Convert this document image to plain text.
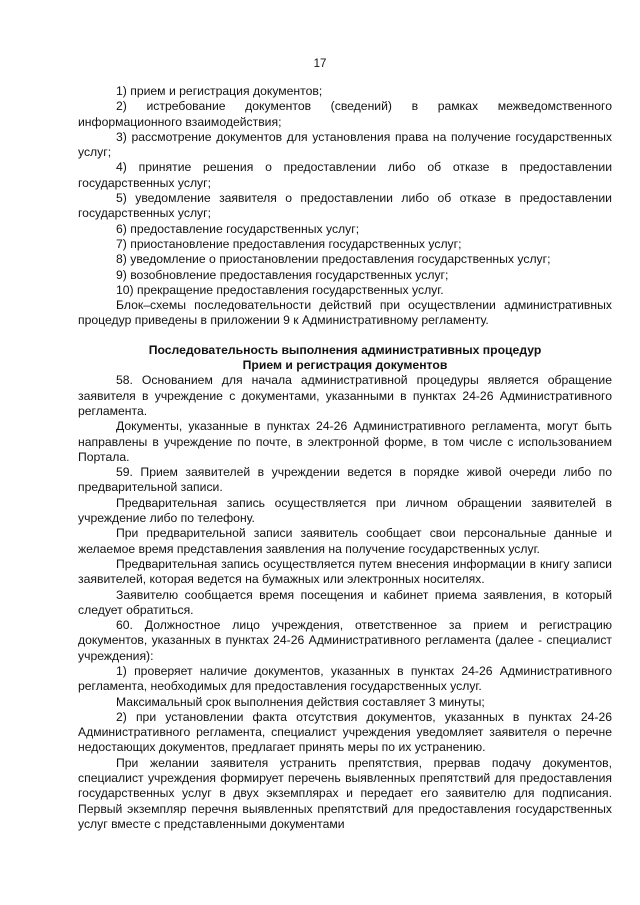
17

1) прием и регистрация документов;

2) истребование документов (сведений) в рамках межведомственного информационного взаимодействия;

3) рассмотрение документов для установления права на получение государственных услуг;

4) принятие решения о предоставлении либо об отказе в предоставлении государственных услуг;

5) уведомление заявителя о предоставлении либо об отказе в предоставлении государственных услуг;

6) предоставление государственных услуг;

7) приостановление предоставления государственных услуг;

8) уведомление о приостановлении предоставления государственных услуг;

9) возобновление предоставления государственных услуг;

10) прекращение предоставления государственных услуг.

Блок–схемы последовательности действий при осуществлении административных процедур приведены в приложении 9 к Административному регламенту.

Последовательность выполнения административных процедур

Прием и регистрация документов

58. Основанием для начала административной процедуры является обращение заявителя в учреждение с документами, указанными в пунктах 24-26 Административного регламента.

Документы, указанные в пунктах 24-26 Административного регламента, могут быть направлены в учреждение по почте, в электронной форме, в том числе с использованием Портала.

59. Прием заявителей в учреждении ведется в порядке живой очереди либо по предварительной записи.

Предварительная запись осуществляется при личном обращении заявителей в учреждение либо по телефону.

При предварительной записи заявитель сообщает свои персональные данные и желаемое время представления заявления на получение государственных услуг.

Предварительная запись осуществляется путем внесения информации в книгу записи заявителей, которая ведется на бумажных или электронных носителях.

Заявителю сообщается время посещения и кабинет приема заявления, в который следует обратиться.

60. Должностное лицо учреждения, ответственное за прием и регистрацию документов, указанных в пунктах 24-26 Административного регламента (далее - специалист учреждения):

1) проверяет наличие документов, указанных в пунктах 24-26 Административного регламента, необходимых для предоставления государственных услуг.

Максимальный срок выполнения действия составляет 3 минуты;

2) при установлении факта отсутствия документов, указанных в пунктах 24-26 Административного регламента, специалист учреждения уведомляет заявителя о перечне недостающих документов, предлагает принять меры по их устранению.

При желании заявителя устранить препятствия, прервав подачу документов, специалист учреждения формирует перечень выявленных препятствий для предоставления государственных услуг в двух экземплярах и передает его заявителю для подписания. Первый экземпляр перечня выявленных препятствий для предоставления государственных услуг вместе с представленными документами
